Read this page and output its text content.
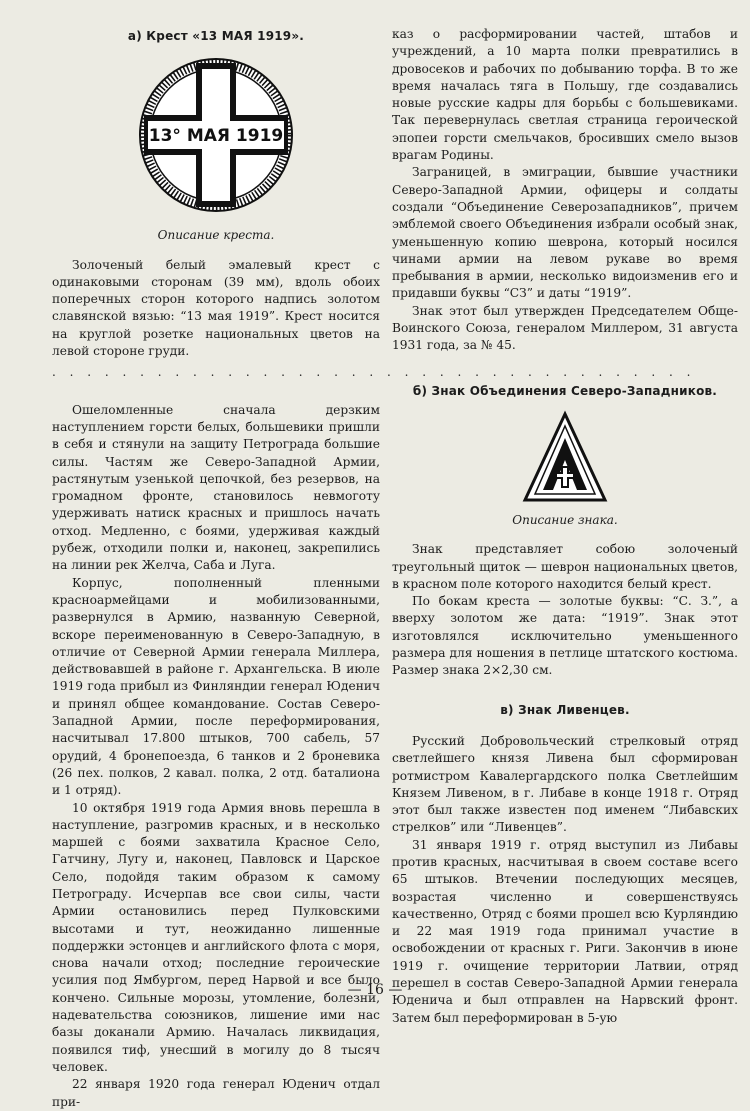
а) Крест «13 МАЯ 1919».
13° МАЯ 1919
Описание креста.

Золоченый белый эмалевый крест с одинаковыми сторонам (39 мм), вдоль обоих поперечных сторон которого надпись золотом славянской вязью: “13 мая 1919”. Крест носится на круглой розетке национальных цветов на левой стороне груди.

. . . . . . . . . . . . . . . . . . . . . . . . . . . . . . . . . . . . .

Ошеломленные сначала дерзким наступлением горсти белых, большевики пришли в себя и стянули на защиту Петрограда большие силы. Частям же Северо-Западной Армии, растянутым узенькой цепочкой, без резервов, на громадном фронте, становилось невмоготу удерживать натиск красных и пришлось начать отход. Медленно, с боями, удерживая каждый рубеж, отходили полки и, наконец, закрепились на линии рек Желча, Саба и Луга.

Корпус, пополненный пленными красноармейцами и мобилизованными, развернулся в Армию, названную Северной, вскоре переименованную в Северо-Западную, в отличие от Северной Армии генерала Миллера, действовавшей в районе г. Архангельска. В июле 1919 года прибыл из Финляндии генерал Юденич и принял общее командование. Состав Северо-Западной Армии, после переформирования, насчитывал 17.800 штыков, 700 сабель, 57 орудий, 4 бронепоезда, 6 танков и 2 броневика (26 пех. полков, 2 кавал. полка, 2 отд. баталиона и 1 отряд).

10 октября 1919 года Армия вновь перешла в наступление, разгромив красных, и в несколько маршей с боями захватила Красное Село, Гатчину, Лугу и, наконец, Павловск и Царское Село, подойдя таким образом к самому Петрограду. Исчерпав все свои силы, части Армии остановились перед Пулковскими высотами и тут, неожиданно лишенные поддержки эстонцев и английского флота с моря, снова начали отход; последние героические усилия под Ямбургом, перед Нарвой и все было кончено. Сильные морозы, утомление, болезни, надевательства союзников, лишение ими нас базы доканали Армию. Началась ликвидация, появился тиф, унесший в могилу до 8 тысяч человек.

22 января 1920 года генерал Юденич отдал при-

каз о расформировании частей, штабов и учреждений, а 10 марта полки превратились в дровосеков и рабочих по добыванию торфа. В то же время началась тяга в Польшу, где создавались новые русские кадры для борьбы с большевиками. Так перевернулась светлая страница героической эпопеи горсти смельчаков, бросивших смело вызов врагам Родины.

Заграницей, в эмиграции, бывшие участники Северо-Западной Армии, офицеры и солдаты создали “Объединение Северозападников”, причем эмблемой своего Объединения избрали особый знак, уменьшенную копию шеврона, который носился чинами армии на левом рукаве во время пребывания в армии, несколько видоизменив его и придавши буквы “СЗ” и даты “1919”.

Знак этот был утвержден Председателем Обще-Воинского Союза, генералом Миллером, 31 августа 1931 года, за № 45.

б) Знак Объединения Северо-Западников.
Описание знака.

Знак представляет собою золоченый треугольный щиток — шеврон национальных цветов, в красном поле которого находится белый крест.

По бокам креста — золотые буквы: “С. З.”, а вверху золотом же дата: “1919”. Знак этот изготовлялся исключительно уменьшенного размера для ношения в петлице штатского костюма. Размер знака 2×2,30 см.

в) Знак Ливенцев.

Русский Добровольческий стрелковый отряд светлейшего князя Ливена был сформирован ротмистром Кавалергардского полка Светлейшим Князем Ливеном, в г. Либаве в конце 1918 г. Отряд этот был также известен под именем “Либавских стрелков” или “Ливенцев”.

31 января 1919 г. отряд выступил из Либавы против красных, насчитывая в своем составе всего 65 штыков. Втечении последующих месяцев, возрастая численно и совершенствуясь качественно, Отряд с боями прошел всю Курляндию и 22 мая 1919 года принимал участие в освобождении от красных г. Риги. Закончив в июне 1919 г. очищение территории Латвии, отряд перешел в состав Северо-Западной Армии генерала Юденича и был отправлен на Нарвский фронт. Затем был переформирован в 5-ую

— 16 —
